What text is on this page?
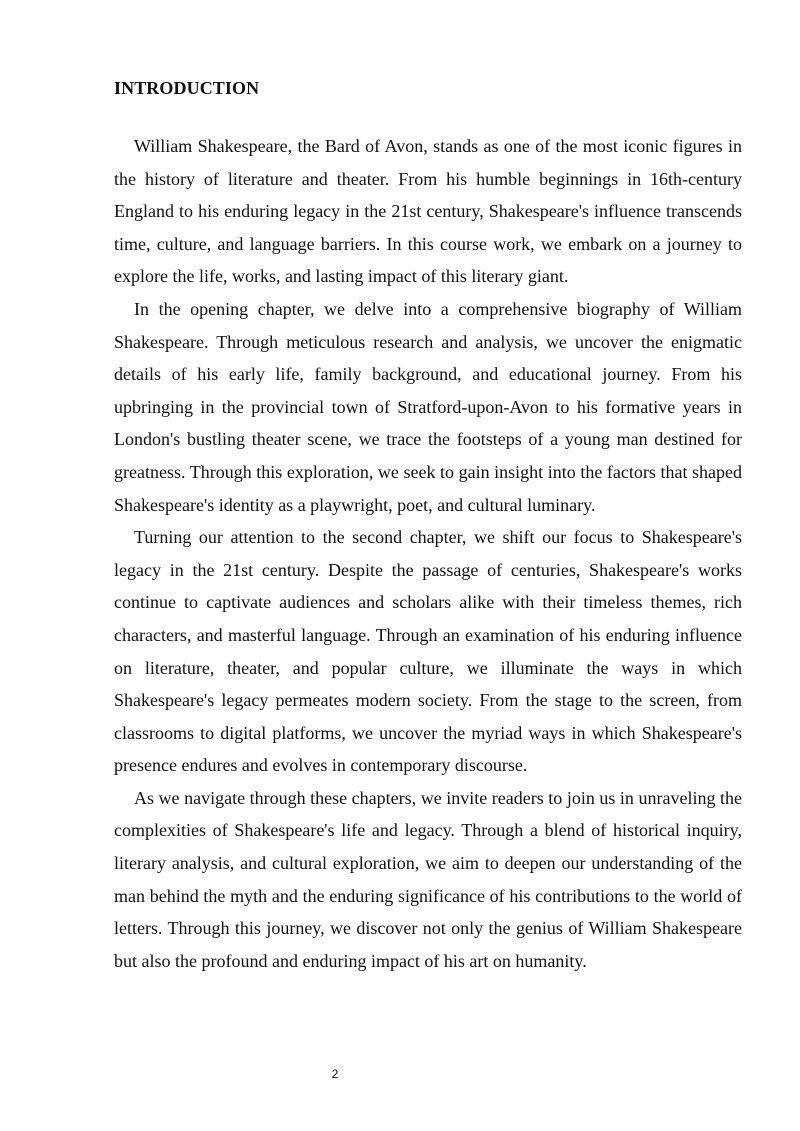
INTRODUCTION

William Shakespeare, the Bard of Avon, stands as one of the most iconic figures in the history of literature and theater. From his humble beginnings in 16th-century England to his enduring legacy in the 21st century, Shakespeare's influence transcends time, culture, and language barriers. In this course work, we embark on a journey to explore the life, works, and lasting impact of this literary giant.

In the opening chapter, we delve into a comprehensive biography of William Shakespeare. Through meticulous research and analysis, we uncover the enigmatic details of his early life, family background, and educational journey. From his upbringing in the provincial town of Stratford-upon-Avon to his formative years in London's bustling theater scene, we trace the footsteps of a young man destined for greatness. Through this exploration, we seek to gain insight into the factors that shaped Shakespeare's identity as a playwright, poet, and cultural luminary.

Turning our attention to the second chapter, we shift our focus to Shakespeare's legacy in the 21st century. Despite the passage of centuries, Shakespeare's works continue to captivate audiences and scholars alike with their timeless themes, rich characters, and masterful language. Through an examination of his enduring influence on literature, theater, and popular culture, we illuminate the ways in which Shakespeare's legacy permeates modern society. From the stage to the screen, from classrooms to digital platforms, we uncover the myriad ways in which Shakespeare's presence endures and evolves in contemporary discourse.

As we navigate through these chapters, we invite readers to join us in unraveling the complexities of Shakespeare's life and legacy. Through a blend of historical inquiry, literary analysis, and cultural exploration, we aim to deepen our understanding of the man behind the myth and the enduring significance of his contributions to the world of letters. Through this journey, we discover not only the genius of William Shakespeare but also the profound and enduring impact of his art on humanity.

2
